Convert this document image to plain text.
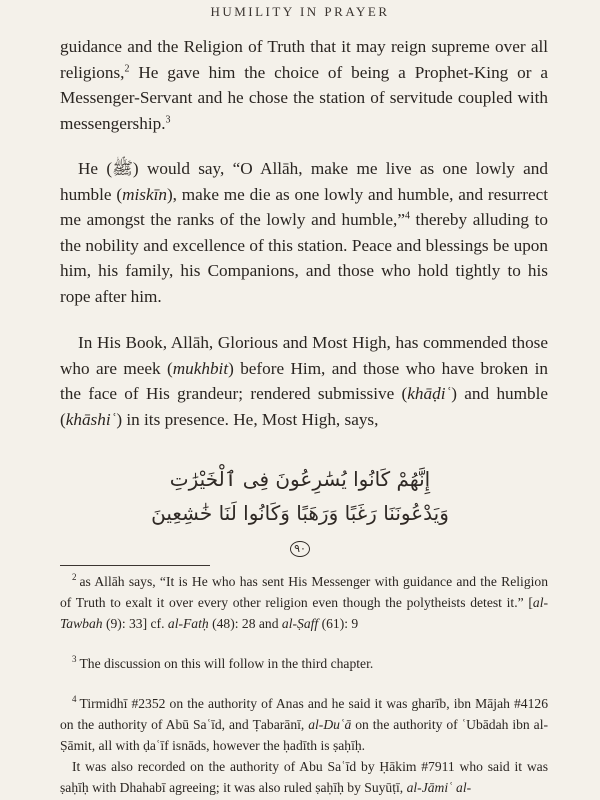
HUMILITY IN PRAYER

guidance and the Religion of Truth that it may reign supreme over all religions,$^2$ He gave him the choice of being a Prophet-King or a Messenger-Servant and he chose the station of servitude coupled with messengership.$^3$

He (ﷺ) would say, “O Allāh, make me live as one lowly and humble (miskīn), make me die as one lowly and humble, and resurrect me amongst the ranks of the lowly and humble,”$^4$ thereby alluding to the nobility and excellence of this station. Peace and blessings be upon him, his family, his Companions, and those who hold tightly to his rope after him.

In His Book, Allāh, Glorious and Most High, has commended those who are meek (mukhbit) before Him, and those who have broken in the face of His grandeur; rendered submissive (khāḍiʿ) and humble (khāshiʿ) in its presence. He, Most High, says,

إِنَّهُمْ كَانُوا يُسَٰرِعُونَ فِى ٱلْخَيْرَٰتِ
وَيَدْعُونَنَا رَغَبًا وَرَهَبًا وَكَانُوا لَنَا خَٰشِعِينَ ٩٠

$^2$ as Allāh says, “It is He who has sent His Messenger with guidance and the Religion of Truth to exalt it over every other religion even though the polytheists detest it.” [al-Tawbah (9): 33] cf. al-Fatḥ (48): 28 and al-Ṣaff (61): 9

$^3$ The discussion on this will follow in the third chapter.

$^4$ Tirmidhī #2352 on the authority of Anas and he said it was gharīb, ibn Mājah #4126 on the authority of Abū Saʿīd, and Ṭabarānī, al-Duʿā on the authority of ʿUbādah ibn al-Ṣāmit, all with ḍaʿīf isnāds, however the ḥadīth is ṣaḥīḥ.

It was also recorded on the authority of Abu Saʿīd by Ḥākim #7911 who said it was ṣaḥīḥ with Dhahabī agreeing; it was also ruled ṣaḥīḥ by Suyūṭī, al-Jāmiʿ al-
